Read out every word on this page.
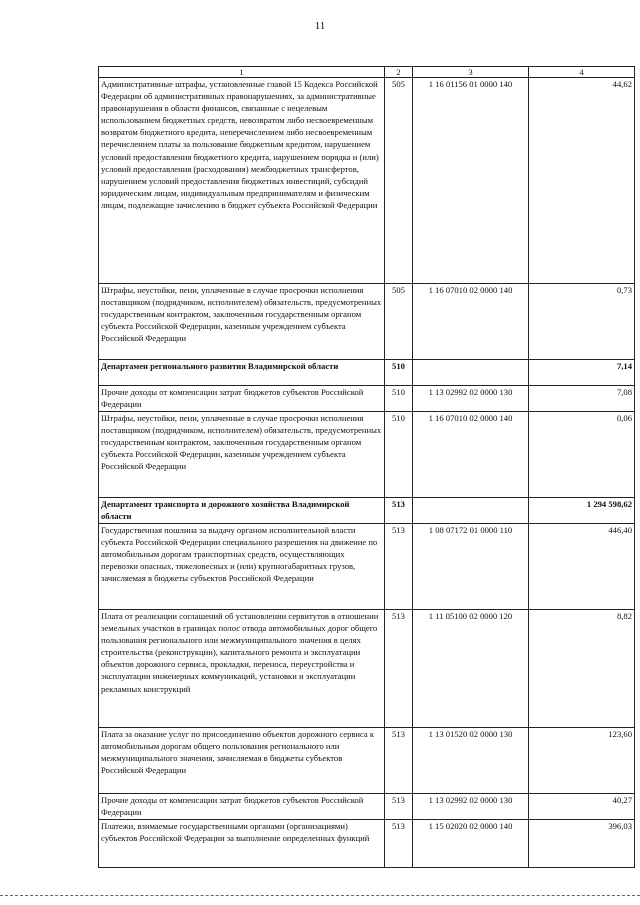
11
1	2	3	4
Административные штрафы, установленные главой 15 Кодекса Российской Федерации об административных правонарушениях, за административные правонарушения в области финансов, связанные с нецелевым использованием бюджетных средств, невозвратом либо несвоевременным возвратом бюджетного кредита, неперечислением либо несвоевременным перечислением платы за пользование бюджетным кредитом, нарушением условий предоставления бюджетного кредита, нарушением порядка и (или) условий предоставления (расходования) межбюджетных трансфертов, нарушением условий предоставления бюджетных инвестиций, субсидий юридическим лицам, индивидуальным предпринимателям и физическим лицам, подлежащие зачислению в бюджет субъекта Российской Федерации	505	1 16 01156 01 0000 140	44,62
Штрафы, неустойки, пени, уплаченные в случае просрочки исполнения поставщиком (подрядчиком, исполнителем) обязательств, предусмотренных государственным контрактом, заключенным государственным органом субъекта Российской Федерации, казенным учреждением субъекта Российской Федерации	505	1 16 07010 02 0000 140	0,73
Департамен регионального развития Владимирской области	510		7,14
Прочие доходы от компенсации затрат бюджетов субъектов Российской Федерации	510	1 13 02992 02 0000 130	7,08
Штрафы, неустойки, пени, уплаченные в случае просрочки исполнения поставщиком (подрядчиком, исполнителем) обязательств, предусмотренных государственным контрактом, заключенным государственным органом субъекта Российской Федерации, казенным учреждением субъекта Российской Федерации	510	1 16 07010 02 0000 140	0,06
Департамент транспорта и дорожного хозяйства Владимирской области	513		1 294 598,62
Государственная пошлина за выдачу органом исполнительной власти субъекта Российской Федерации специального разрешения на движение по автомобильным дорогам транспортных средств, осуществляющих перевозки опасных, тяжеловесных и (или) крупногабаритных грузов, зачисляемая в бюджеты субъектов Российской Федерации	513	1 08 07172 01 0000 110	446,40
Плата от реализации соглашений об установлении сервитутов в отношении земельных участков в границах полос отвода автомобильных дорог общего пользования регионального или межмуниципального значения в целях строительства (реконструкции), капитального ремонта и эксплуатации объектов дорожного сервиса, прокладки, переноса, переустройства и эксплуатации инженерных коммуникаций, установки и эксплуатации рекламных конструкций	513	1 11 05100 02 0000 120	8,82
Плата за оказание услуг по присоединению объектов дорожного сервиса к автомобильным дорогам общего пользования регионального или межмуниципального значения, зачисляемая в бюджеты субъектов Российской Федерации	513	1 13 01520 02 0000 130	123,60
Прочие доходы от компенсации затрат бюджетов субъектов Российской Федерации	513	1 13 02992 02 0000 130	40,27
Платежи, взимаемые государственными органами (организациями) субъектов Российской Федерации за выполнение определенных функций	513	1 15 02020 02 0000 140	396,03
